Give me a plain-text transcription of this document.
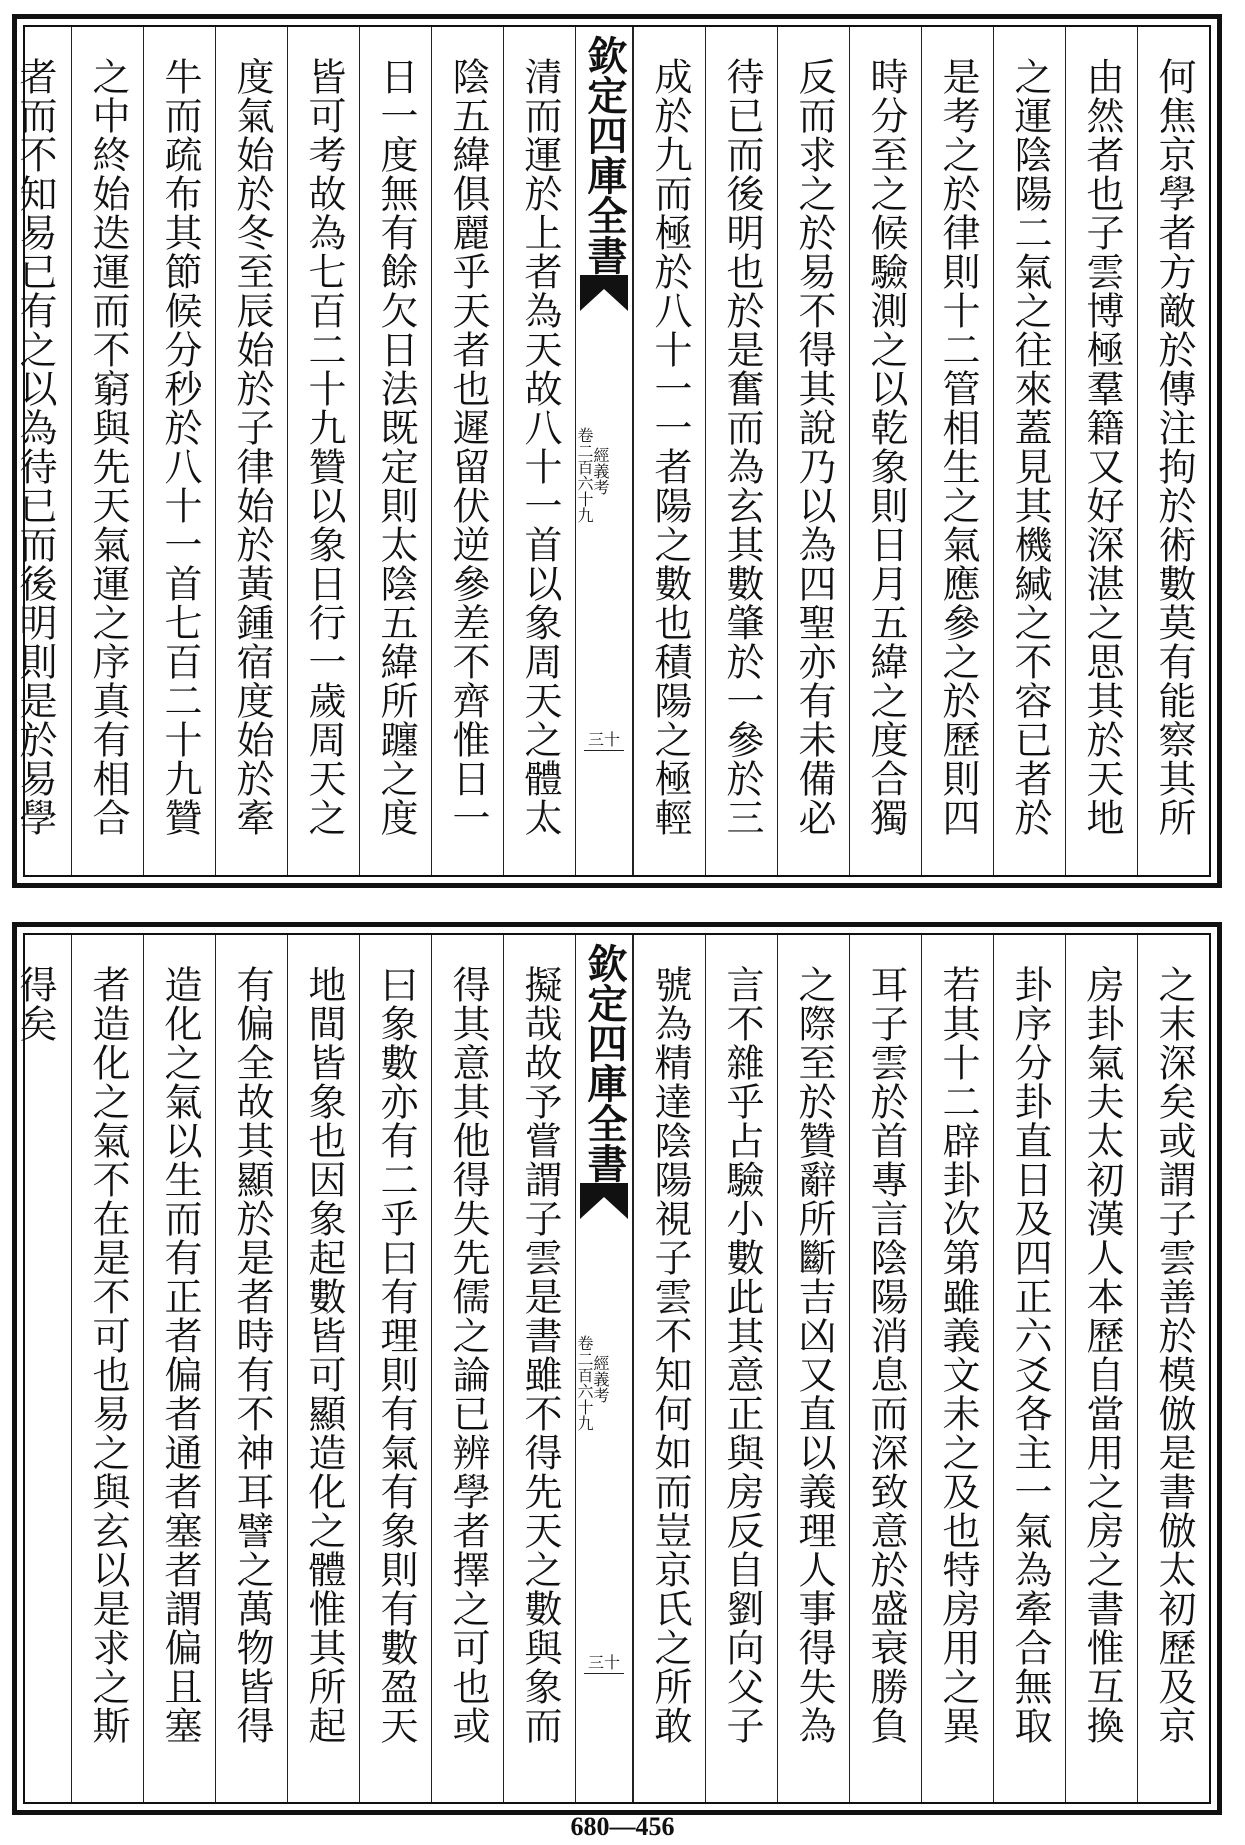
何焦京學者方敵於傳注拘於術數莫有能察其所
由然者也子雲博極羣籍又好深湛之思其於天地
之運陰陽二氣之往來蓋見其機緘之不容已者於
是考之於律則十二管相生之氣應參之於歷則四
時分至之候驗測之以乾象則日月五緯之度合獨
反而求之於易不得其說乃以為四聖亦有未備必
待已而後明也於是奮而為玄其數肇於一參於三
成於九而極於八十一一者陽之數也積陽之極輕
欽定四庫全書
經義考
卷二百六十九
三十
清而運於上者為天故八十一首以象周天之體太
陰五緯俱麗乎天者也遲留伏逆參差不齊惟日一
日一度無有餘欠日法既定則太陰五緯所躔之度
皆可考故為七百二十九贊以象日行一歲周天之
度氣始於冬至辰始於子律始於黃鍾宿度始於牽
牛而疏布其節候分秒於八十一首七百二十九贊
之中終始迭運而不窮與先天氣運之序真有相合
者而不知易已有之以為待已而後明則是於易學
之末深矣或謂子雲善於模倣是書倣太初歷及京
房卦氣夫太初漢人本歷自當用之房之書惟互換
卦序分卦直日及四正六爻各主一氣為牽合無取
若其十二辟卦次第雖義文未之及也特房用之異
耳子雲於首專言陰陽消息而深致意於盛衰勝負
之際至於贊辭所斷吉凶又直以義理人事得失為
言不雜乎占驗小數此其意正與房反自劉向父子
號為精達陰陽視子雲不知何如而豈京氏之所敢
欽定四庫全書
經義考
卷二百六十九
三十
擬哉故予嘗謂子雲是書雖不得先天之數與象而
得其意其他得失先儒之論已辨學者擇之可也或
曰象數亦有二乎曰有理則有氣有象則有數盈天
地間皆象也因象起數皆可顯造化之體惟其所起
有偏全故其顯於是者時有不神耳譬之萬物皆得
造化之氣以生而有正者偏者通者塞者謂偏且塞
者造化之氣不在是不可也易之與玄以是求之斯
得矣
680—456
